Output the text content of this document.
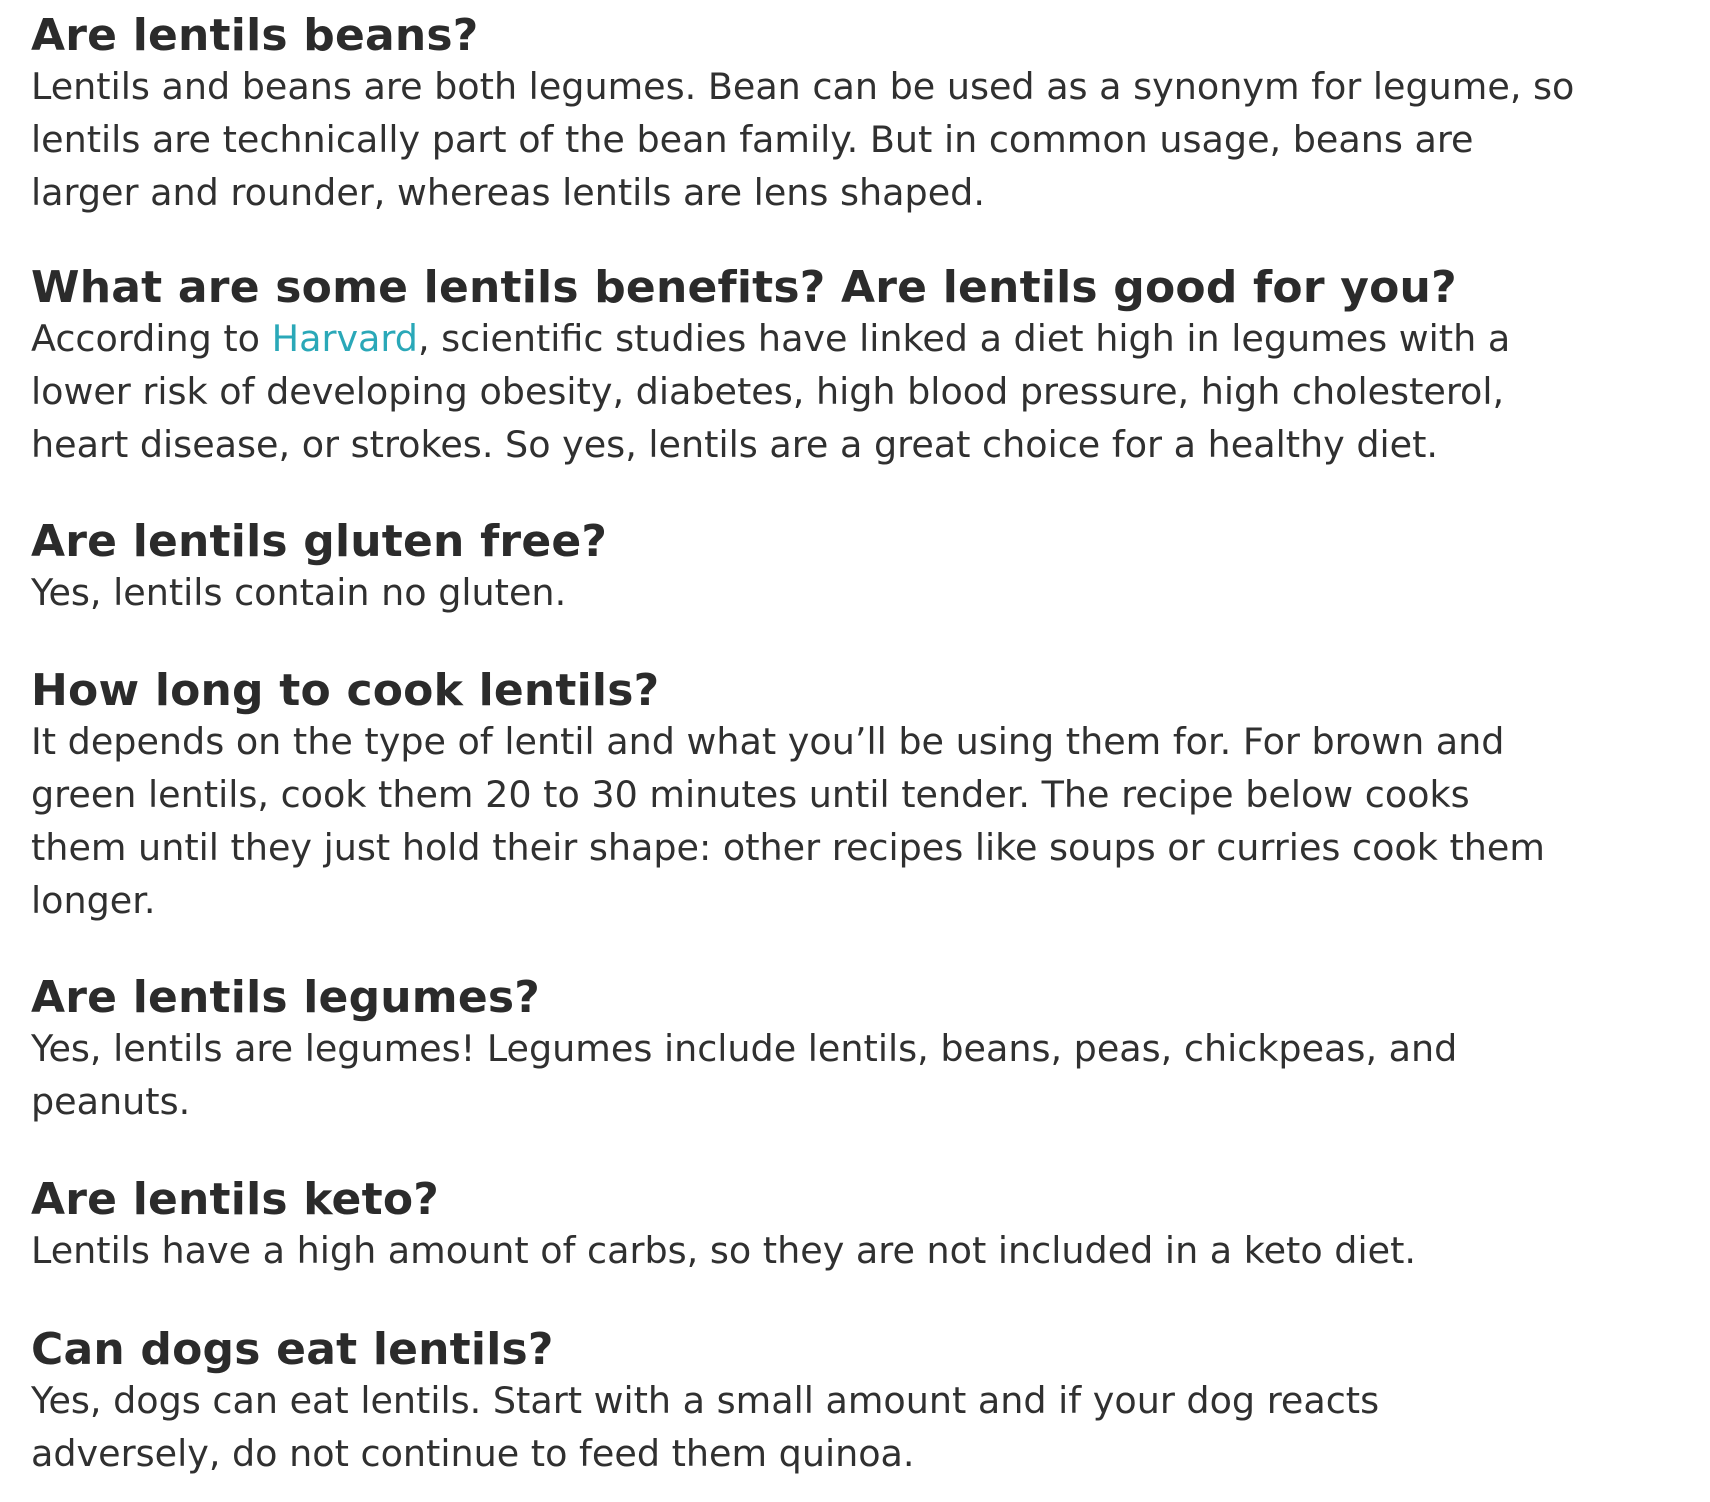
Are lentils beans?

Lentils and beans are both legumes. Bean can be used as a synonym for legume, so
lentils are technically part of the bean family. But in common usage, beans are
larger and rounder, whereas lentils are lens shaped.

What are some lentils benefits? Are lentils good for you?

According to Harvard, scientific studies have linked a diet high in legumes with a
lower risk of developing obesity, diabetes, high blood pressure, high cholesterol,
heart disease, or strokes. So yes, lentils are a great choice for a healthy diet.

Are lentils gluten free?

Yes, lentils contain no gluten.

How long to cook lentils?

It depends on the type of lentil and what you’ll be using them for. For brown and
green lentils, cook them 20 to 30 minutes until tender. The recipe below cooks
them until they just hold their shape: other recipes like soups or curries cook them
longer.

Are lentils legumes?

Yes, lentils are legumes! Legumes include lentils, beans, peas, chickpeas, and
peanuts.

Are lentils keto?

Lentils have a high amount of carbs, so they are not included in a keto diet.

Can dogs eat lentils?

Yes, dogs can eat lentils. Start with a small amount and if your dog reacts
adversely, do not continue to feed them quinoa.
